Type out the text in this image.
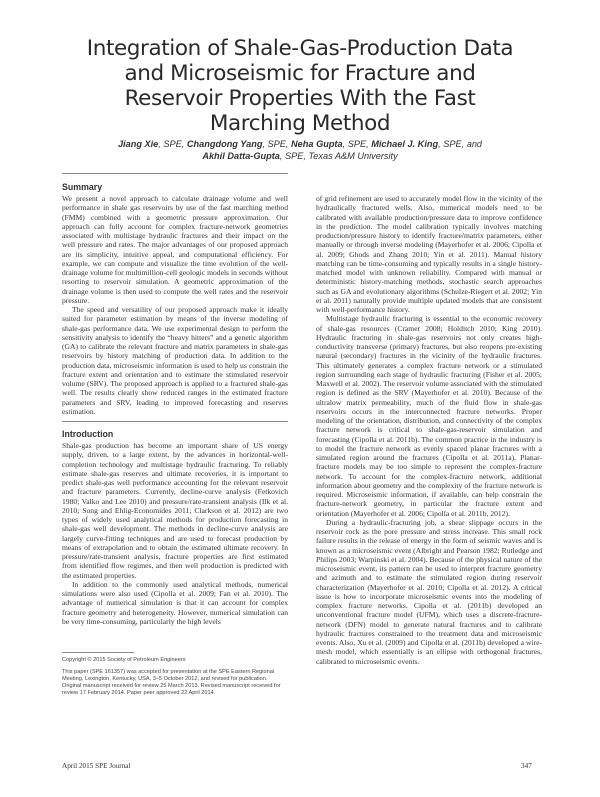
Integration of Shale-Gas-Production Data
and Microseismic for Fracture and
Reservoir Properties With the Fast
Marching Method
Jiang Xie, SPE, Changdong Yang, SPE, Neha Gupta, SPE, Michael J. King, SPE, and
Akhil Datta-Gupta, SPE, Texas A&M University
Summary

We present a novel approach to calculate drainage volume and well performance in shale gas reservoirs by use of the fast marching method (FMM) combined with a geometric pressure approximation. Our approach can fully account for complex fracture-network geometries associated with multistage hydraulic fractures and their impact on the well pressure and rates. The major advantages of our proposed approach are its simplicity, intuitive appeal, and computational efficiency. For example, we can compute and visualize the time evolution of the well-drainage volume for multimillion-cell geologic models in seconds without resorting to reservoir simulation. A geometric approximation of the drainage volume is then used to compute the well rates and the reservoir pressure.

The speed and versatility of our proposed approach make it ideally suited for parameter estimation by means of the inverse modeling of shale-gas performance data. We use experimental design to perform the sensitivity analysis to identify the “heavy hitters” and a genetic algorithm (GA) to calibrate the relevant fracture and matrix parameters in shale-gas reservoirs by history matching of production data. In addition to the production data, microseismic information is used to help us constrain the fracture extent and orientation and to estimate the stimulated reservoir volume (SRV). The proposed approach is applied to a fractured shale-gas well. The results clearly show reduced ranges in the estimated fracture parameters and SRV, leading to improved forecasting and reserves estimation.

Introduction

Shale-gas production has become an important share of US energy supply, driven, to a large extent, by the advances in horizontal-well-completion technology and multistage hydraulic fracturing. To reliably estimate shale-gas reserves and ultimate recoveries, it is important to predict shale-gas well performance accounting for the relevant reservoir and fracture parameters. Currently, decline-curve analysis (Fetkovich 1980; Valko and Lee 2010) and pressure/rate-transient analysis (Ilk et al. 2010; Song and Ehlig-Economides 2011; Clarkson et al. 2012) are two types of widely used analytical methods for production forecasting in shale-gas well development. The methods in decline-curve analysis are largely curve-fitting techniques and are used to forecast production by means of extrapolation and to obtain the estimated ultimate recovery. In pressure/rate-transient analysis, fracture properties are first estimated from identified flow regimes, and then well production is predicted with the estimated properties.

In addition to the commonly used analytical methods, numerical simulations were also used (Cipolla et al. 2009; Fan et al. 2010). The advantage of numerical simulation is that it can account for complex fracture geometry and heterogeneity. However, numerical simulation can be very time-consuming, particularly the high levels

Copyright © 2015 Society of Petroleum Engineers

This paper (SPE 161357) was accepted for presentation at the SPE Eastern Regional Meeting, Lexington, Kentucky, USA, 3–5 October 2012, and revised for publication. Original manuscript received for review 25 March 2013. Revised manuscript received for review 17 February 2014. Paper peer approved 22 April 2014.

of grid refinement are used to accurately model flow in the vicinity of the hydraulically fractured wells. Also, numerical models need to be calibrated with available production/pressure data to improve confidence in the prediction. The model calibration typically involves matching production/pressure history to identify fracture/matrix parameters, either manually or through inverse modeling (Mayerhofer et al. 2006; Cipolla et al. 2009; Ghods and Zhang 2010; Yin et al. 2011). Manual history matching can be time-consuming and typically results in a single history-matched model with unknown reliability. Compared with manual or deterministic history-matching methods, stochastic search approaches such as GA and evolutionary algorithms (Schulze-Riegert et al. 2002; Yin et al. 2011) naturally provide multiple updated models that are consistent with well-performance history.

Multistage hydraulic fracturing is essential to the economic recovery of shale-gas resources (Cramer 2008; Holditch 2010; King 2010). Hydraulic fracturing in shale-gas reservoirs not only creates high-conductivity transverse (primary) fractures, but also reopens pre-existing natural (secondary) fractures in the vicinity of the hydraulic fractures. This ultimately generates a complex fracture network or a stimulated region surrounding each stage of hydraulic fracturing (Fisher et al. 2005; Maxwell et al. 2002). The reservoir volume associated with the stimulated region is defined as the SRV (Mayerhofer et al. 2010). Because of the ultralow matrix permeability, much of the fluid flow in shale-gas reservoirs occurs in the interconnected fracture networks. Proper modeling of the orientation, distribution, and connectivity of the complex fracture network is critical to shale-gas-reservoir simulation and forecasting (Cipolla et al. 2011b). The common practice in the industry is to model the fracture network as evenly spaced planar fractures with a simulated region around the fractures (Cipolla et al. 2011a). Planar-fracture models may be too simple to represent the complex-fracture network. To account for the complex-fracture network, additional information about geometry and the complexity of the fracture network is required. Microseismic information, if available, can help constrain the fracture-network geometry, in particular the fracture extent and orientation (Mayerhofer et al. 2006; Cipolla et al. 2011b, 2012).

During a hydraulic-fracturing job, a shear slippage occurs in the reservoir rock as the pore pressure and stress increase. This small rock failure results in the release of energy in the form of seismic waves and is known as a microseismic event (Albright and Pearson 1982; Rutledge and Philips 2003; Warpinski et al. 2004). Because of the physical nature of the microseismic event, its pattern can be used to interpret fracture geometry and azimuth and to estimate the stimulated region during reservoir characterization (Mayerhofer et al. 2010; Cipolla et al. 2012). A critical issue is how to incorporate microseismic events into the modeling of complex fracture networks. Cipolla et al. (2011b) developed an unconventional fracture model (UFM), which uses a discrete-fracture-network (DFN) model to generate natural fractures and to calibrate hydraulic fractures constrained to the treatment data and microseismic events. Also, Xu et al. (2009) and Cipolla et al. (2011b) developed a wire-mesh model, which essentially is an ellipse with orthogonal fractures, calibrated to microseismic events.

April 2015 SPE Journal	347
